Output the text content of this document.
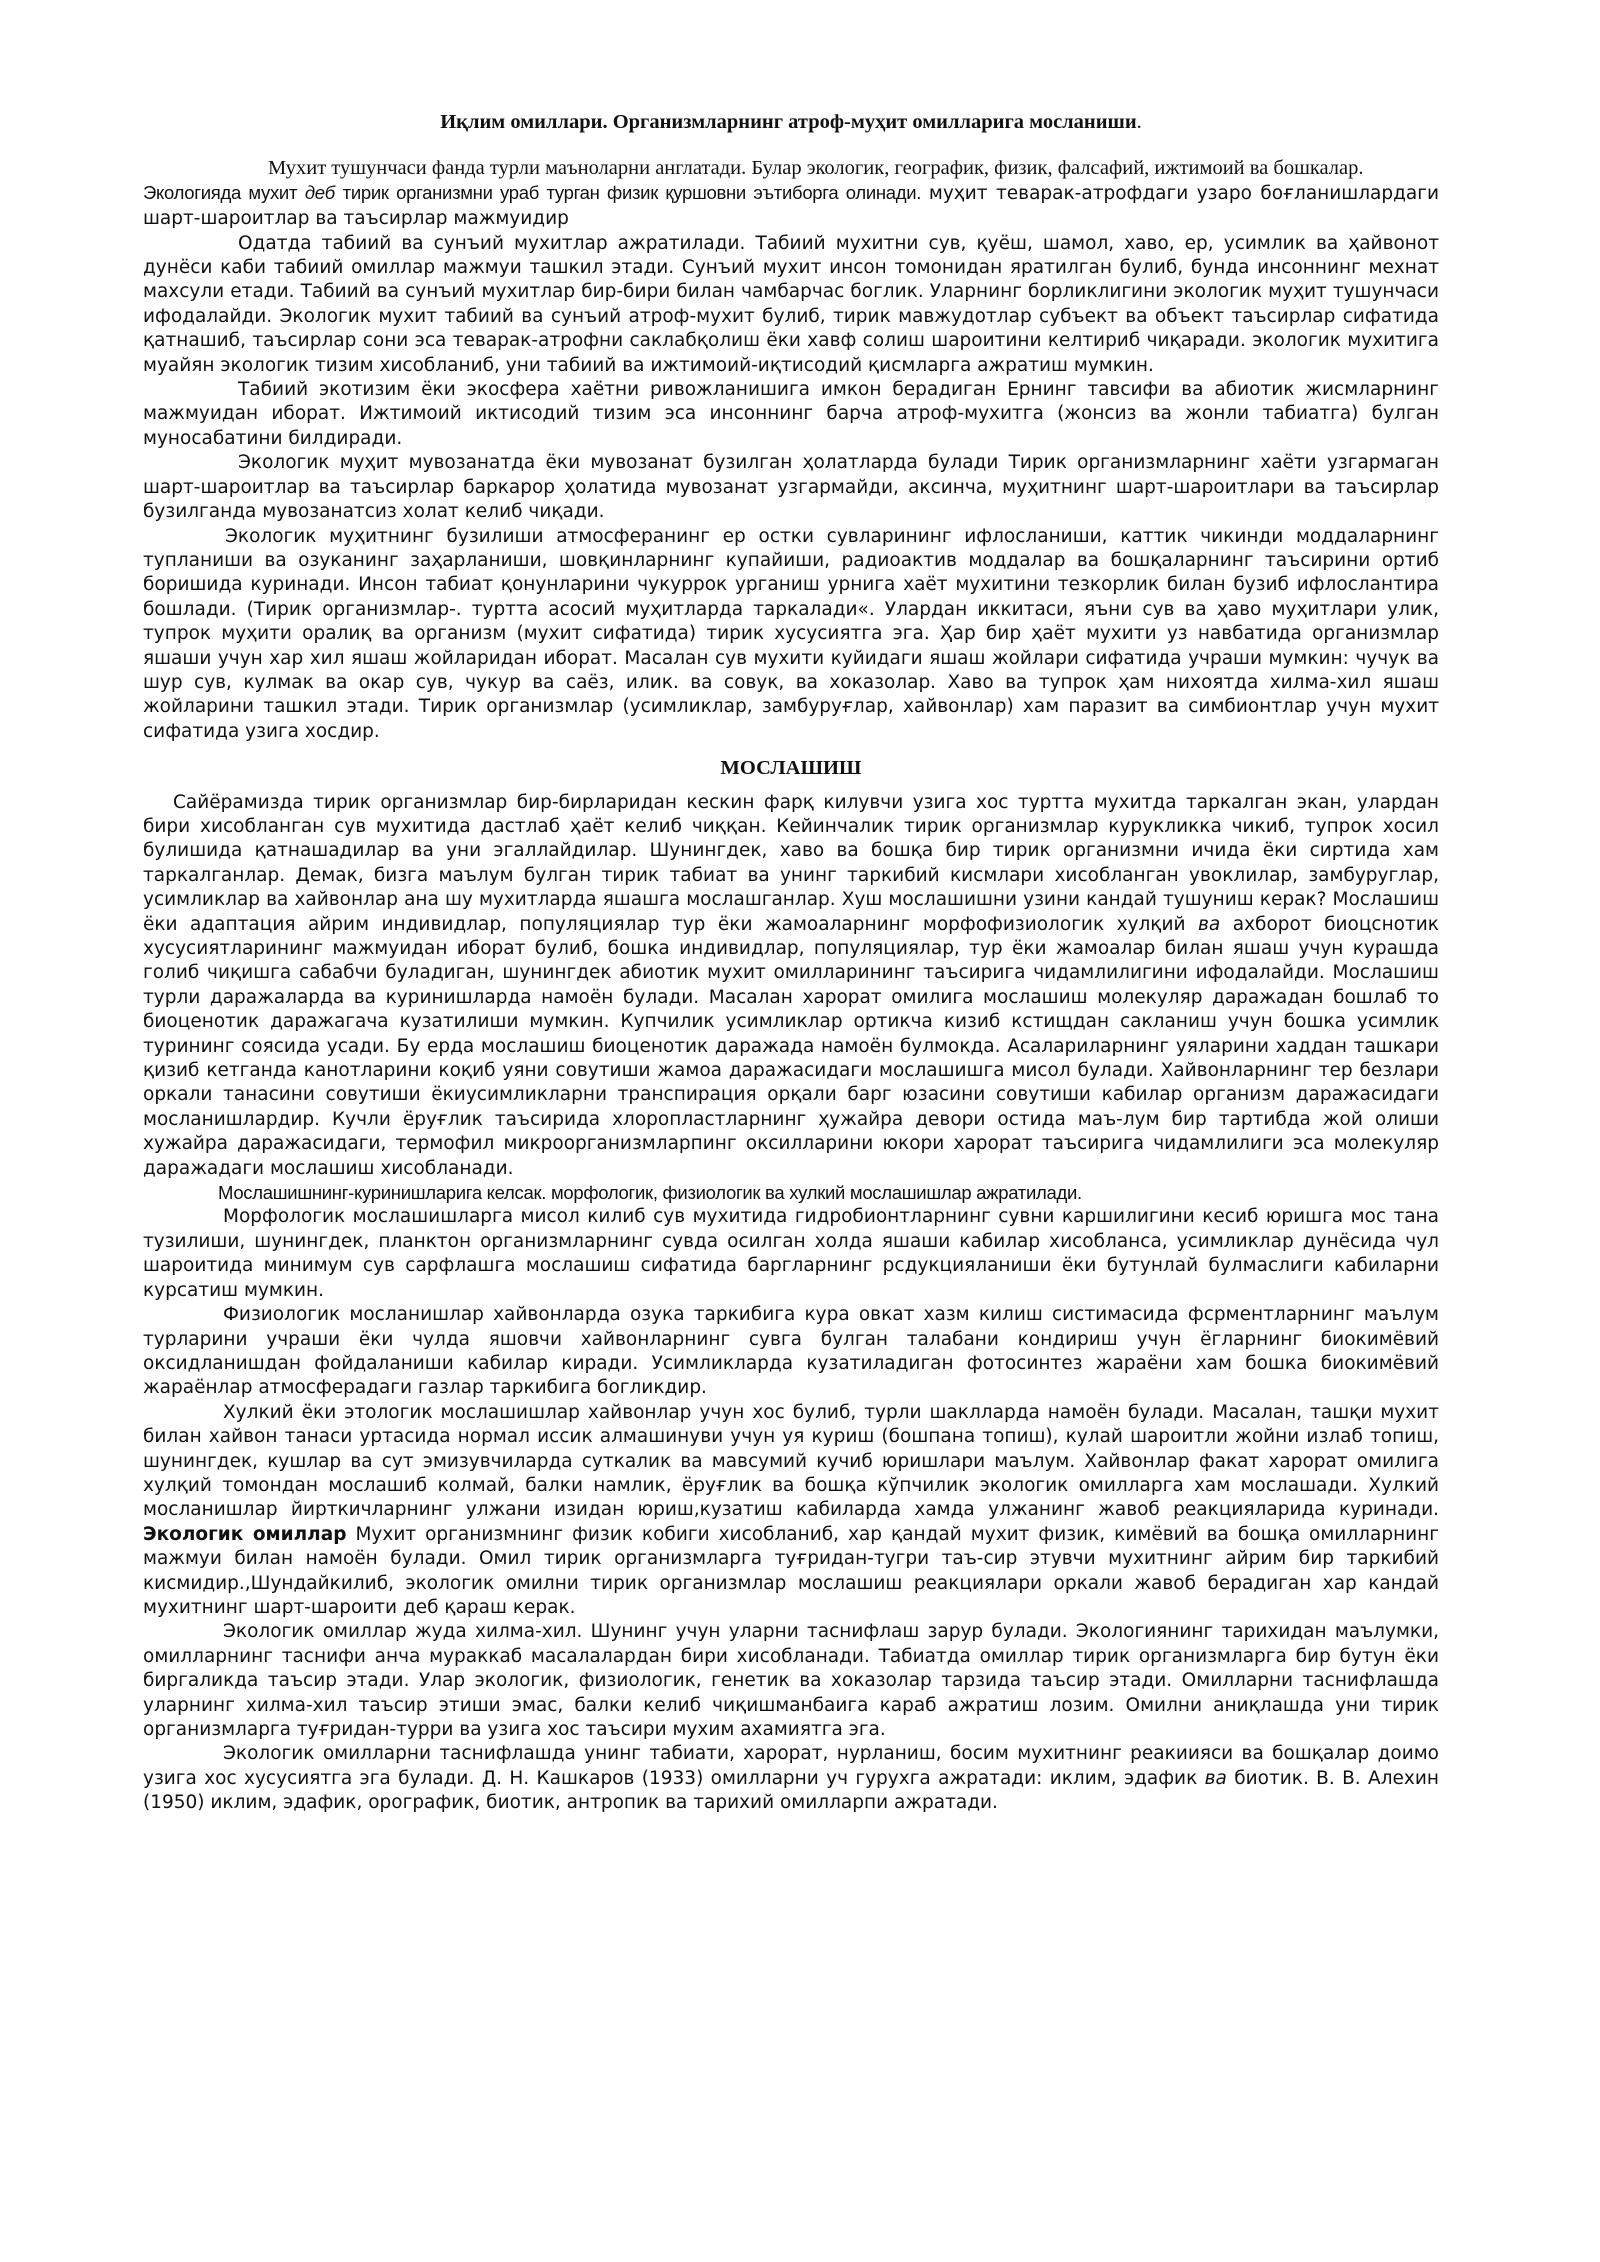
Иқлим омиллари. Организмларнинг атроф-муҳит омилларига мосланиши.

Мухит тушунчаси фанда турли маъноларни англатади. Булар экологик, географик, физик, фалсафий, ижтимоий ва бошкалар.

Экологияда мухит деб тирик организмни ураб турган физик қуршовни эътиборга олинади. муҳит теварак-атрофдаги узаро боғланишлардаги шарт-шароитлар ва таъсирлар мажмуидир

Одатда табиий ва сунъий мухитлар ажратилади. Табиий мухитни сув, қуёш, шамол, хаво, ер, усимлик ва ҳайвонот дунёси каби табиий омиллар мажмуи ташкил этади. Сунъий мухит инсон томонидан яратилган булиб, бунда инсоннинг мехнат махсули етади. Табиий ва сунъий мухитлар бир-бири билан чамбарчас боглик. Уларнинг борликлигини экологик муҳит тушунчаси ифодалайди. Экологик мухит табиий ва сунъий атроф-мухит булиб, тирик мавжудотлар субъект ва объект таъсирлар сифатида қатнашиб, таъсирлар сони эса теварак-атрофни саклабқолиш ёки хавф солиш шароитини келтириб чиқаради. экологик мухитига муайян экологик тизим хисобланиб, уни табиий ва ижтимоий-иқтисодий қисмларга ажратиш мумкин.

Табиий экотизим ёки экосфера хаётни ривожланишига имкон берадиган Ернинг тавсифи ва абиотик жисмларнинг мажмуидан иборат. Ижтимоий иктисодий тизим эса инсоннинг барча атроф-мухитга (жонсиз ва жонли табиатга) булган муносабатини билдиради.

Экологик муҳит мувозанатда ёки мувозанат бузилган ҳолатларда булади Тирик организмларнинг хаёти узгармаган шарт-шароитлар ва таъсирлар баркарор ҳолатида мувозанат узгармайди, аксинча, муҳитнинг шарт-шароитлари ва таъсирлар бузилганда мувозанатсиз холат келиб чиқади.

Экологик муҳитнинг бузилиши атмосферанинг ер остки сувларининг ифлосланиши, каттик чикинди моддаларнинг тупланиши ва озуканинг заҳарланиши, шовқинларнинг купайиши, радиоактив моддалар ва бошқаларнинг таъсирини ортиб боришида куринади. Инсон табиат қонунларини чукуррок урганиш урнига хаёт мухитини тезкорлик билан бузиб ифлослантира бошлади. (Тирик организмлар-. туртта асосий муҳитларда таркалади«. Улардан иккитаси, яъни сув ва ҳаво муҳитлари улик, тупрок муҳити оралиқ ва организм (мухит сифатида) тирик хусусиятга эга. Ҳар бир ҳаёт мухити уз навбатида организмлар яшаши учун хар хил яшаш жойларидан иборат. Масалан сув мухити куйидаги яшаш жойлари сифатида учраши мумкин: чучук ва шур сув, кулмак ва окар сув, чукур ва саёз, илик. ва совук, ва хоказолар. Хаво ва тупрок ҳам нихоятда хилма-хил яшаш жойларини ташкил этади. Тирик организмлар (усимликлар, замбуруғлар, хайвонлар) хам паразит ва симбионтлар учун мухит сифатида узига хосдир.

МОСЛАШИШ

Сайёрамизда тирик организмлар бир-бирларидан кескин фарқ килувчи узига хос туртта мухитда таркалган экан, улардан бири хисобланган сув мухитида дастлаб ҳаёт келиб чиққан. Кейинчалик тирик организмлар курукликка чикиб, тупрок хосил булишида қатнашадилар ва уни эгаллайдилар. Шунингдек, хаво ва бошқа бир тирик организмни ичида ёки сиртида хам таркалганлар. Демак, бизга маълум булган тирик табиат ва унинг таркибий кисмлари хисобланган увоклилар, замбуруглар, усимликлар ва хайвонлар ана шу мухитларда яшашга мослашганлар. Хуш мослашишни узини кандай тушуниш керак? Мослашиш ёки адаптация айрим индивидлар, популяциялар тур ёки жамоаларнинг морфофизиологик хулқий ва ахборот биоцснотик хусусиятларининг мажмуидан иборат булиб, бошка индивидлар, популяциялар, тур ёки жамоалар билан яшаш учун курашда голиб чиқишга сабабчи буладиган, шунингдек абиотик мухит омилларининг таъсирига чидамлилигини ифодалайди. Мослашиш турли даражаларда ва куринишларда намоён булади. Масалан харорат омилига мослашиш молекуляр даражадан бошлаб то биоценотик даражагача кузатилиши мумкин. Купчилик усимликлар ортикча кизиб кстищдан сакланиш учун бошка усимлик турининг соясида усади. Бу ерда мослашиш биоценотик даражада намоён булмокда. Асалариларнинг уяларини хаддан ташкари қизиб кетганда канотларини коқиб уяни совутиши жамоа даражасидаги мослашишга мисол булади. Хайвонларнинг тер безлари оркали танасини совутиши ёкиусимликларни транспирация орқали барг юзасини совутиши кабилар организм даражасидаги мосланишлардир. Кучли ёруғлик таъсирида хлоропластларнинг ҳужайра девори остида маъ-лум бир тартибда жой олиши хужайра даражасидаги, термофил микроорганизмларпинг оксилларини юкори харорат таъсирига чидамлилиги эса молекуляр даражадаги мослашиш хисобланади.

Мослашишнинг-куринишларига келсак. морфологик, физиологик ва хулкий мослашишлар ажратилади.

Морфологик мослашишларга мисол килиб сув мухитида гидробионтларнинг сувни каршилигини кесиб юришга мос тана тузилиши, шунингдек, планктон организмларнинг сувда осилган холда яшаши кабилар хисобланса, усимликлар дунёсида чул шароитида минимум сув сарфлашга мослашиш сифатида баргларнинг рсдукцияланиши ёки бутунлай булмаслиги кабиларни курсатиш мумкин.

Физиологик мосланишлар хайвонларда озука таркибига кура овкат хазм килиш систимасида фсрментларнинг маълум турларини учраши ёки чулда яшовчи хайвонларнинг сувга булган талабани кондириш учун ёгларнинг биокимёвий оксидланишдан фойдаланиши кабилар киради. Усимликларда кузатиладиган фотосинтез жараёни хам бошка биокимёвий жараёнлар атмосферадаги газлар таркибига богликдир.

Хулкий ёки этологик мослашишлар хайвонлар учун хос булиб, турли шаклларда намоён булади. Масалан, ташқи мухит билан хайвон танаси уртасида нормал иссик алмашинуви учун уя куриш (бошпана топиш), кулай шароитли жойни излаб топиш, шунингдек, кушлар ва сут эмизувчиларда суткалик ва мавсумий кучиб юришлари маълум. Хайвонлар факат харорат омилига хулқий томондан мослашиб колмай, балки намлик, ёруғлик ва бошқа кўпчилик экологик омилларга хам мослашади. Хулкий мосланишлар йирткичларнинг улжани изидан юриш,кузатиш кабиларда хамда улжанинг жавоб реакцияларида куринади. Экологик омиллар Мухит организмнинг физик кобиги хисобланиб, хар қандай мухит физик, кимёвий ва бошқа омилларнинг мажмуи билан намоён булади. Омил тирик организмларга туғридан-тугри таъ-сир этувчи мухитнинг айрим бир таркибий кисмидир.,Шундайкилиб, экологик омилни тирик организмлар мослашиш реакциялари оркали жавоб берадиган хар кандай мухитнинг шарт-шароити деб қараш керак.

Экологик омиллар жуда хилма-хил. Шунинг учун уларни таснифлаш зарур булади. Экологиянинг тарихидан маълумки, омилларнинг таснифи анча мураккаб масалалардан бири хисобланади. Табиатда омиллар тирик организмларга бир бутун ёки биргаликда таъсир этади. Улар экологик, физиологик, генетик ва хоказолар тарзида таъсир этади. Омилларни таснифлашда уларнинг хилма-хил таъсир этиши эмас, балки келиб чиқишманбаига караб ажратиш лозим. Омилни аниқлашда уни тирик организмларга туғридан-турри ва узига хос таъсири мухим ахамиятга эга.

Экологик омилларни таснифлашда унинг табиати, харорат, нурланиш, босим мухитнинг реакиияси ва бошқалар доимо узига хос хусусиятга эга булади. Д. Н. Кашкаров (1933) омилларни уч гурухга ажратади: иклим, эдафик ва биотик. В. В. Алехин (1950) иклим, эдафик, орографик, биотик, антропик ва тарихий омилларпи ажратади.
